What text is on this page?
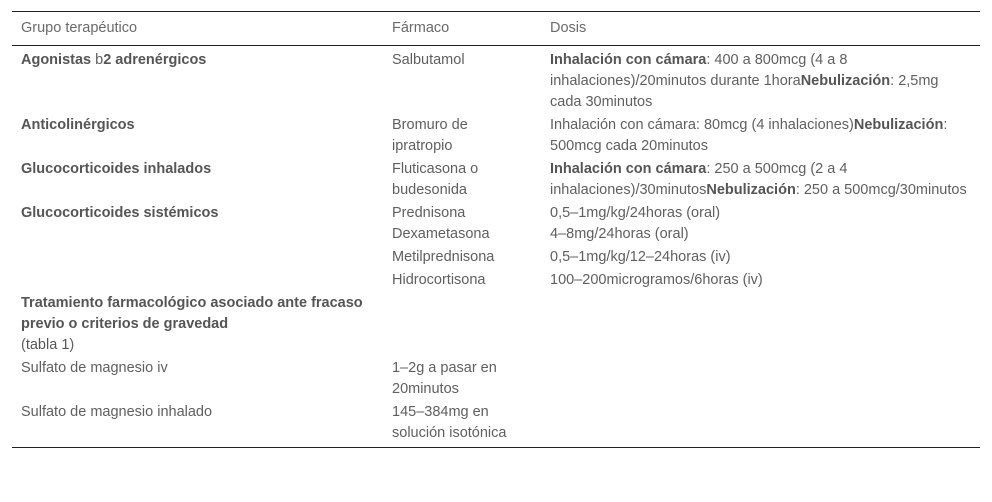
Grupo terapéutico	Fármaco	Dosis
Agonistas b2 adrenérgicos	Salbutamol	Inhalación con cámara: 400 a 800mcg (4 a 8 inhalaciones)/20minutos durante 1horaNebulización: 2,5mg cada 30minutos
Anticolinérgicos	Bromuro de ipratropio	Inhalación con cámara: 80mcg (4 inhalaciones)Nebulización: 500mcg cada 20minutos
Glucocorticoides inhalados	Fluticasona o budesonida	Inhalación con cámara: 250 a 500mcg (2 a 4 inhalaciones)/30minutosNebulización: 250 a 500mcg/30minutos
Glucocorticoides sistémicos	Prednisona	0,5–1mg/kg/24horas (oral)
	Dexametasona	4–8mg/24horas (oral)
	Metilprednisona	0,5–1mg/kg/12–24horas (iv)
	Hidrocortisona	100–200microgramos/6horas (iv)
Tratamiento farmacológico asociado ante fracaso previo o criterios de gravedad
(tabla 1)		
Sulfato de magnesio iv	1–2g a pasar en 20minutos	
Sulfato de magnesio inhalado	145–384mg en solución isotónica	
